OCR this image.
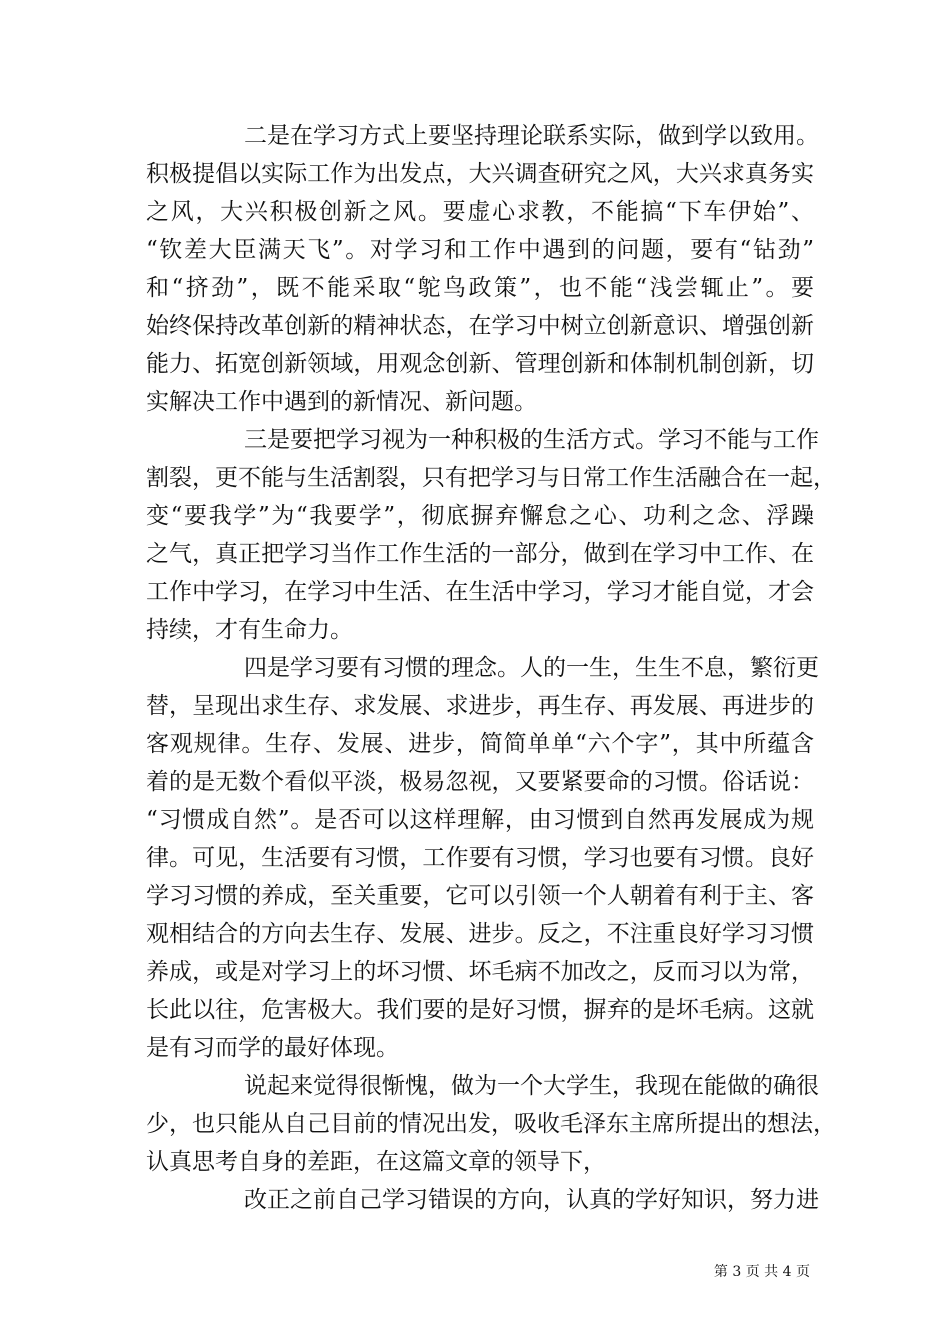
二是在学习方式上要坚持理论联系实际，做到学以致用。

积极提倡以实际工作为出发点，大兴调查研究之风，大兴求真务实

之风，大兴积极创新之风。要虚心求教，不能搞“下车伊始”、

“钦差大臣满天飞”。对学习和工作中遇到的问题，要有“钻劲”

和“挤劲”，既不能采取“鸵鸟政策”，也不能“浅尝辄止”。要

始终保持改革创新的精神状态，在学习中树立创新意识、增强创新

能力、拓宽创新领域，用观念创新、管理创新和体制机制创新，切

实解决工作中遇到的新情况、新问题。

三是要把学习视为一种积极的生活方式。学习不能与工作

割裂，更不能与生活割裂，只有把学习与日常工作生活融合在一起，

变“要我学”为“我要学”，彻底摒弃懈怠之心、功利之念、浮躁

之气，真正把学习当作工作生活的一部分，做到在学习中工作、在

工作中学习，在学习中生活、在生活中学习，学习才能自觉，才会

持续，才有生命力。

四是学习要有习惯的理念。人的一生，生生不息，繁衍更

替，呈现出求生存、求发展、求进步，再生存、再发展、再进步的

客观规律。生存、发展、进步，简简单单“六个字”，其中所蕴含

着的是无数个看似平淡，极易忽视，又要紧要命的习惯。俗话说：

“习惯成自然”。是否可以这样理解，由习惯到自然再发展成为规

律。可见，生活要有习惯，工作要有习惯，学习也要有习惯。良好

学习习惯的养成，至关重要，它可以引领一个人朝着有利于主、客

观相结合的方向去生存、发展、进步。反之，不注重良好学习习惯

养成，或是对学习上的坏习惯、坏毛病不加改之，反而习以为常，

长此以往，危害极大。我们要的是好习惯，摒弃的是坏毛病。这就

是有习而学的最好体现。

说起来觉得很惭愧，做为一个大学生，我现在能做的确很

少，也只能从自己目前的情况出发，吸收毛泽东主席所提出的想法，

认真思考自身的差距，在这篇文章的领导下，

改正之前自己学习错误的方向，认真的学好知识，努力进

第 3 页 共 4 页
